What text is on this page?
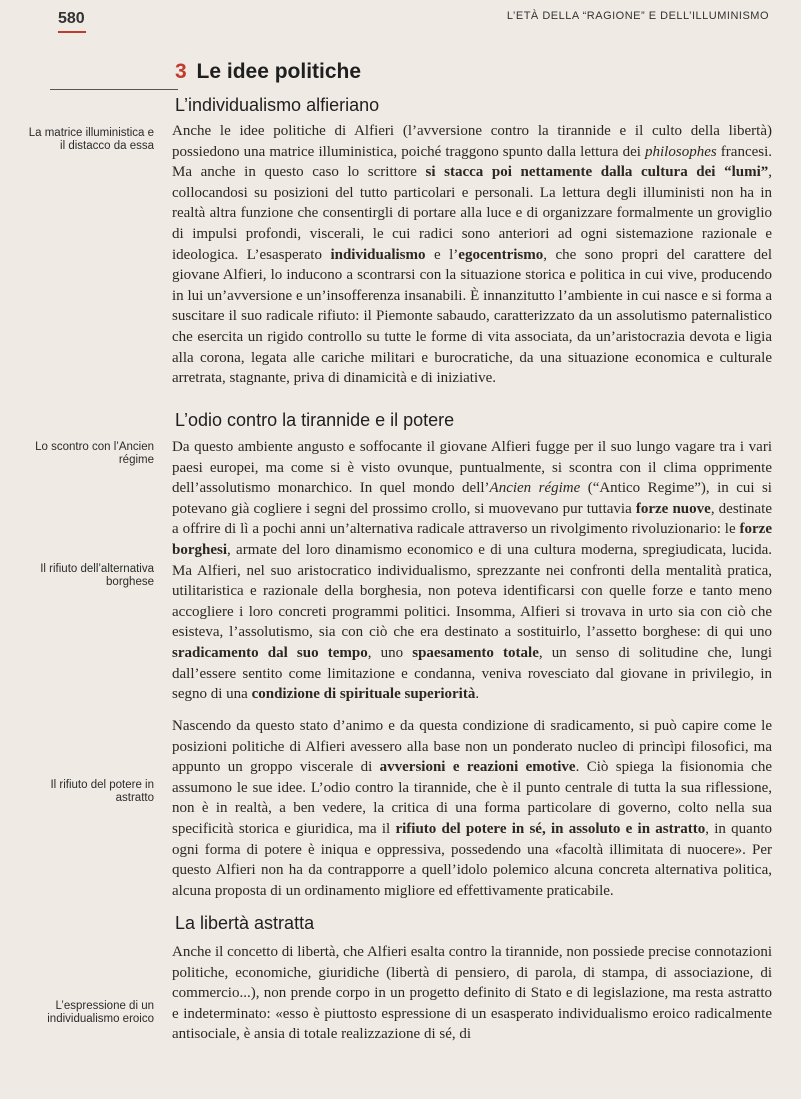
580	L’ETÀ DELLA “RAGIONE” E DELL’ILLUMINISMO
3 Le idee politiche
L’individualismo alfieriano
La matrice illuministica e il distacco da essa

Anche le idee politiche di Alfieri (l’avversione contro la tirannide e il culto della libertà) possiedono una matrice illuministica, poiché traggono spunto dalla lettura dei philosophes francesi. Ma anche in questo caso lo scrittore si stacca poi nettamente dalla cultura dei “lumi”, collocandosi su posizioni del tutto particolari e personali. La lettura degli illuministi non ha in realtà altra funzione che consentirgli di portare alla luce e di organizzare formalmente un groviglio di impulsi profondi, viscerali, le cui radici sono anteriori ad ogni sistemazione razionale e ideologica. L’esasperato individualismo e l’egocentrismo, che sono propri del carattere del giovane Alfieri, lo inducono a scontrarsi con la situazione storica e politica in cui vive, producendo in lui un’avversione e un’insofferenza insanabili. È innanzitutto l’ambiente in cui nasce e si forma a suscitare il suo radicale rifiuto: il Piemonte sabaudo, caratterizzato da un assolutismo paternalistico che esercita un rigido controllo su tutte le forme di vita associata, da un’aristocrazia devota e ligia alla corona, legata alle cariche militari e burocratiche, da una situazione economica e culturale arretrata, stagnante, priva di dinamicità e di iniziative.

L’odio contro la tirannide e il potere
Lo scontro con l’Ancien régime
Il rifiuto dell’alternativa borghese
Il rifiuto del potere in astratto

Da questo ambiente angusto e soffocante il giovane Alfieri fugge per il suo lungo vagare tra i vari paesi europei, ma come si è visto ovunque, puntualmente, si scontra con il clima opprimente dell’assolutismo monarchico. In quel mondo dell’Ancien régime (“Antico Regime”), in cui si potevano già cogliere i segni del prossimo crollo, si muovevano pur tuttavia forze nuove, destinate a offrire di lì a pochi anni un’alternativa radicale attraverso un rivolgimento rivoluzionario: le forze borghesi, armate del loro dinamismo economico e di una cultura moderna, spregiudicata, lucida. Ma Alfieri, nel suo aristocratico individualismo, sprezzante nei confronti della mentalità pratica, utilitaristica e razionale della borghesia, non poteva identificarsi con quelle forze e tanto meno accogliere i loro concreti programmi politici. Insomma, Alfieri si trovava in urto sia con ciò che esisteva, l’assolutismo, sia con ciò che era destinato a sostituirlo, l’assetto borghese: di qui uno sradicamento dal suo tempo, uno spaesamento totale, un senso di solitudine che, lungi dall’essere sentito come limitazione e condanna, veniva rovesciato dal giovane in privilegio, in segno di una condizione di spirituale superiorità.

Nascendo da questo stato d’animo e da questa condizione di sradicamento, si può capire come le posizioni politiche di Alfieri avessero alla base non un ponderato nucleo di princìpi filosofici, ma appunto un groppo viscerale di avversioni e reazioni emotive. Ciò spiega la fisionomia che assumono le sue idee. L’odio contro la tirannide, che è il punto centrale di tutta la sua riflessione, non è in realtà, a ben vedere, la critica di una forma particolare di governo, colto nella sua specificità storica e giuridica, ma il rifiuto del potere in sé, in assoluto e in astratto, in quanto ogni forma di potere è iniqua e oppressiva, possedendo una «facoltà illimitata di nuocere». Per questo Alfieri non ha da contrapporre a quell’idolo polemico alcuna concreta alternativa politica, alcuna proposta di un ordinamento migliore ed effettivamente praticabile.

La libertà astratta
L’espressione di un individualismo eroico

Anche il concetto di libertà, che Alfieri esalta contro la tirannide, non possiede precise connotazioni politiche, economiche, giuridiche (libertà di pensiero, di parola, di stampa, di associazione, di commercio...), non prende corpo in un progetto definito di Stato e di legislazione, ma resta astratto e indeterminato: «esso è piuttosto espressione di un esasperato individualismo eroico radicalmente antisociale, è ansia di totale realizzazione di sé, di
